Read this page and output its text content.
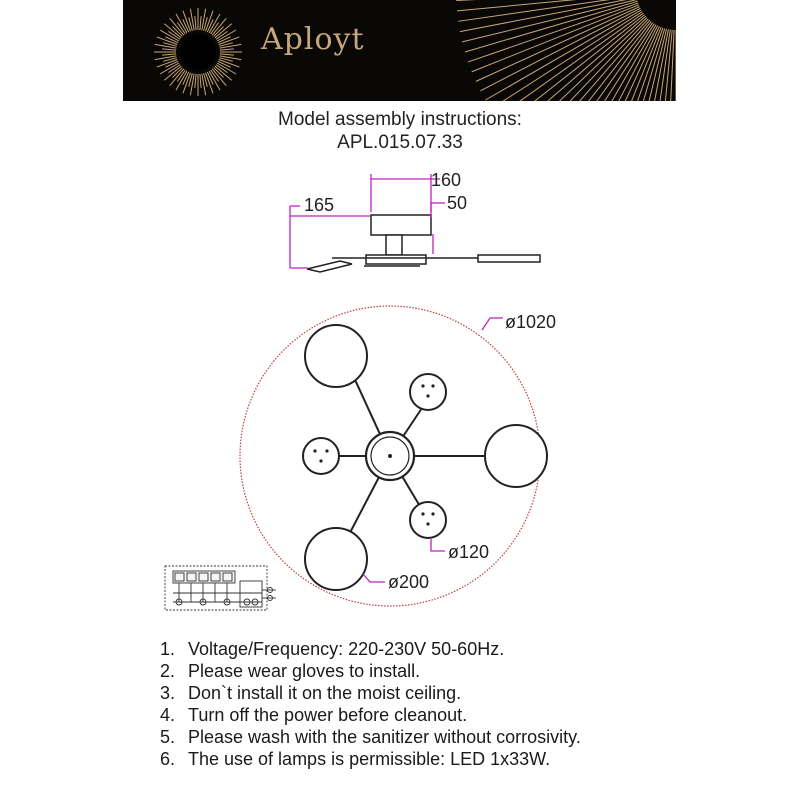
Aployt
Model assembly instructions:
APL.015.07.33
160
50
165
ø1020
ø120
ø200
1. Voltage/Frequency: 220-230V 50-60Hz.
2. Please wear gloves to install.
3. Don`t install it on the moist ceiling.
4. Turn off the power before cleanout.
5. Please wash with the sanitizer without corrosivity.
6. The use of lamps is permissible: LED 1x33W.
